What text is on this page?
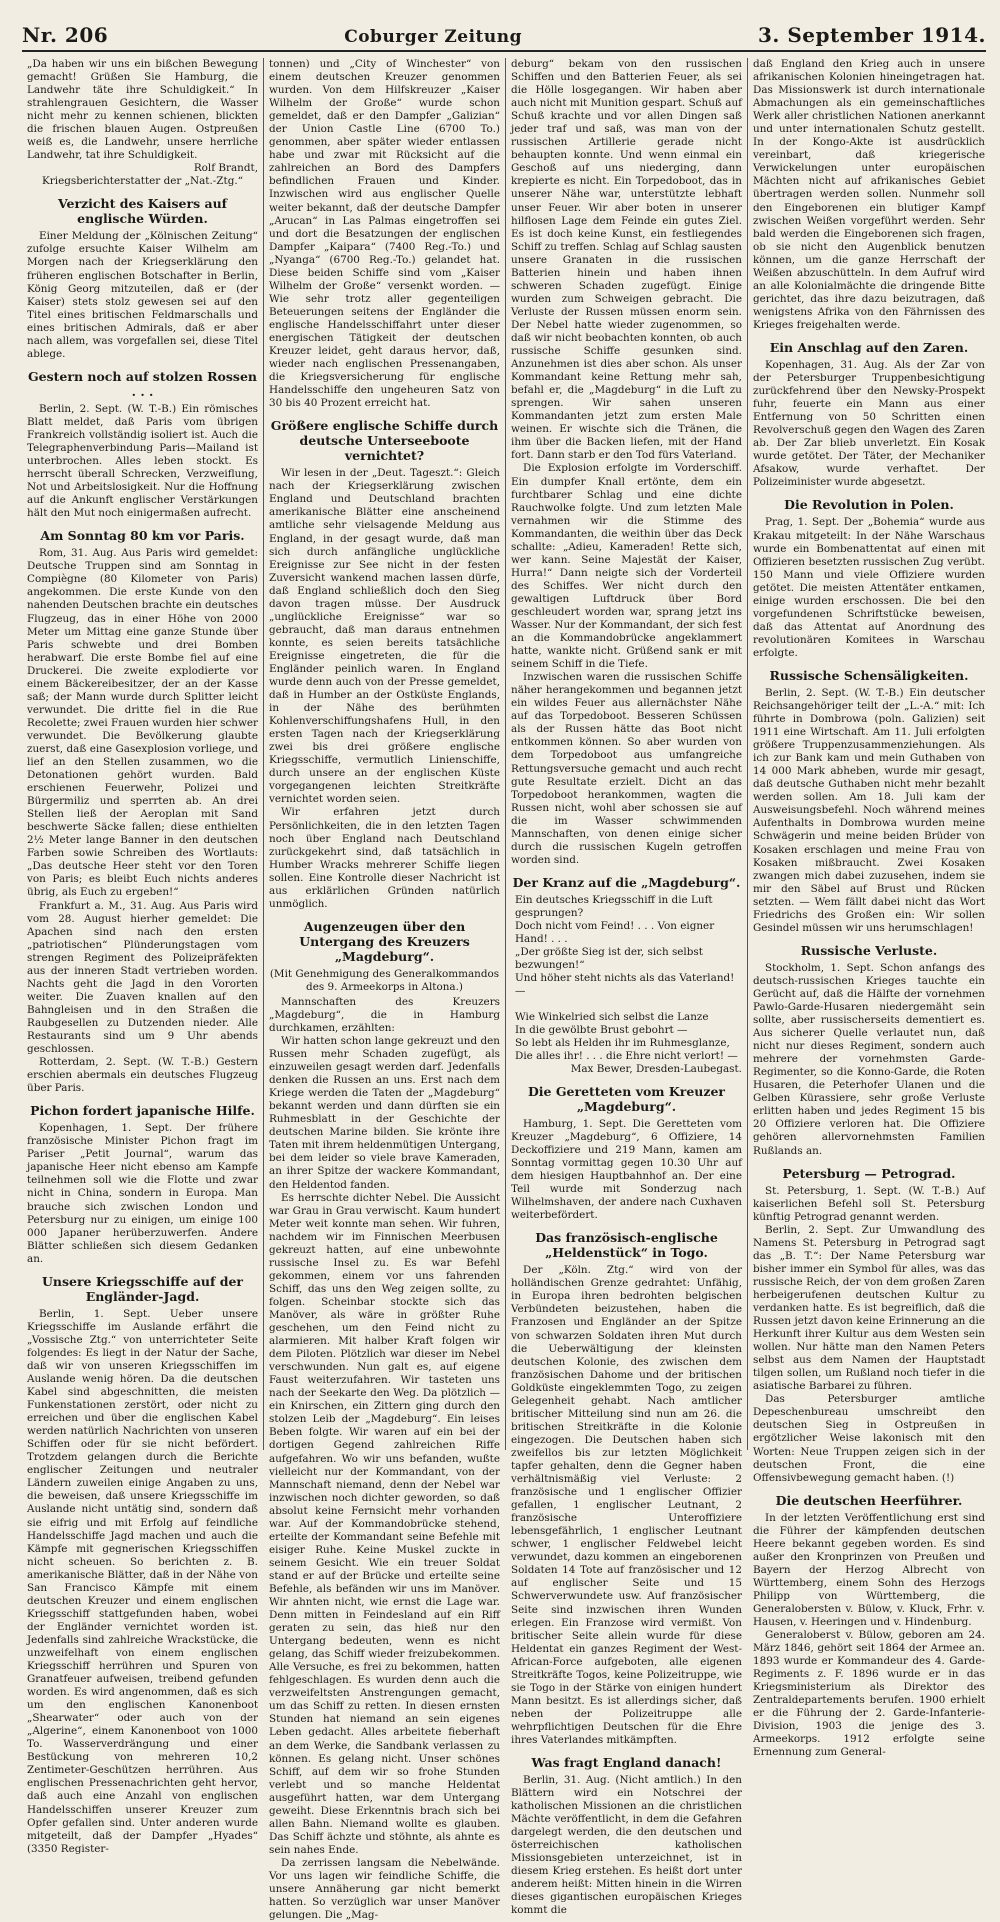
Nr. 206	Coburger Zeitung	3. September 1914.

„Da haben wir uns ein bißchen Bewegung gemacht! Grüßen Sie Hamburg, die Landwehr täte ihre Schuldigkeit.“ In strahlengrauen Gesichtern, die Wasser nicht mehr zu kennen schienen, blickten die frischen blauen Augen. Ostpreußen weiß es, die Landwehr, unsere herrliche Landwehr, tat ihre Schuldigkeit.

Rolf Brandt,
Kriegsberichterstatter der „Nat.-Ztg.“
Verzicht des Kaisers auf englische Würden.

Einer Meldung der „Kölnischen Zeitung“ zufolge ersuchte Kaiser Wilhelm am Morgen nach der Kriegserklärung den früheren englischen Botschafter in Berlin, König Georg mitzuteilen, daß er (der Kaiser) stets stolz gewesen sei auf den Titel eines britischen Feldmarschalls und eines britischen Admirals, daß er aber nach allem, was vorgefallen sei, diese Titel ablege.

Gestern noch auf stolzen Rossen . . .

Berlin, 2. Sept. (W. T.-B.) Ein römisches Blatt meldet, daß Paris vom übrigen Frankreich vollständig isoliert ist. Auch die Telegraphenverbindung Paris—Mailand ist unterbrochen. Alles leben stockt. Es herrscht überall Schrecken, Verzweiflung, Not und Arbeitslosigkeit. Nur die Hoffnung auf die Ankunft englischer Verstärkungen hält den Mut noch einigermaßen aufrecht.

Am Sonntag 80 km vor Paris.

Rom, 31. Aug. Aus Paris wird gemeldet: Deutsche Truppen sind am Sonntag in Compiègne (80 Kilometer von Paris) angekommen. Die erste Kunde von den nahenden Deutschen brachte ein deutsches Flugzeug, das in einer Höhe von 2000 Meter um Mittag eine ganze Stunde über Paris schwebte und drei Bomben herabwarf. Die erste Bombe fiel auf eine Druckerei. Die zweite explodierte vor einem Bäckereibesitzer, der an der Kasse saß; der Mann wurde durch Splitter leicht verwundet. Die dritte fiel in die Rue Recolette; zwei Frauen wurden hier schwer verwundet. Die Bevölkerung glaubte zuerst, daß eine Gasexplosion vorliege, und lief an den Stellen zusammen, wo die Detonationen gehört wurden. Bald erschienen Feuerwehr, Polizei und Bürgermiliz und sperrten ab. An drei Stellen ließ der Aeroplan mit Sand beschwerte Säcke fallen; diese enthielten 2½ Meter lange Banner in den deutschen Farben sowie Schreiben des Wortlauts: „Das deutsche Heer steht vor den Toren von Paris; es bleibt Euch nichts anderes übrig, als Euch zu ergeben!“

Frankfurt a. M., 31. Aug. Aus Paris wird vom 28. August hierher gemeldet: Die Apachen sind nach den ersten „patriotischen“ Plünderungstagen vom strengen Regiment des Polizeipräfekten aus der inneren Stadt vertrieben worden. Nachts geht die Jagd in den Vororten weiter. Die Zuaven knallen auf den Bahngleisen und in den Straßen die Raubgesellen zu Dutzenden nieder. Alle Restaurants sind um 9 Uhr abends geschlossen.

Rotterdam, 2. Sept. (W. T.-B.) Gestern erschien abermals ein deutsches Flugzeug über Paris.

Pichon fordert japanische Hilfe.

Kopenhagen, 1. Sept. Der frühere französische Minister Pichon fragt im Pariser „Petit Journal“, warum das japanische Heer nicht ebenso am Kampfe teilnehmen soll wie die Flotte und zwar nicht in China, sondern in Europa. Man brauche sich zwischen London und Petersburg nur zu einigen, um einige 100 000 Japaner herüberzuwerfen. Andere Blätter schließen sich diesem Gedanken an.

Unsere Kriegsschiffe auf der Engländer-Jagd.

Berlin, 1. Sept. Ueber unsere Kriegsschiffe im Auslande erfährt die „Vossische Ztg.“ von unterrichteter Seite folgendes: Es liegt in der Natur der Sache, daß wir von unseren Kriegsschiffen im Auslande wenig hören. Da die deutschen Kabel sind abgeschnitten, die meisten Funkenstationen zerstört, oder nicht zu erreichen und über die englischen Kabel werden natürlich Nachrichten von unseren Schiffen oder für sie nicht befördert. Trotzdem gelangen durch die Berichte englischer Zeitungen und neutraler Ländern zuweilen einige Angaben zu uns, die beweisen, daß unsere Kriegsschiffe im Auslande nicht untätig sind, sondern daß sie eifrig und mit Erfolg auf feindliche Handelsschiffe Jagd machen und auch die Kämpfe mit gegnerischen Kriegsschiffen nicht scheuen. So berichten z. B. amerikanische Blätter, daß in der Nähe von San Francisco Kämpfe mit einem deutschen Kreuzer und einem englischen Kriegsschiff stattgefunden haben, wobei der Engländer vernichtet worden ist. Jedenfalls sind zahlreiche Wrackstücke, die unzweifelhaft von einem englischen Kriegsschiff herrühren und Spuren von Granatfeuer aufweisen, treibend gefunden worden. Es wird angenommen, daß es sich um den englischen Kanonenboot „Shearwater“ oder auch von der „Algerine“, einem Kanonenboot von 1000 To. Wasserverdrängung und einer Bestückung von mehreren 10,2 Zentimeter-Geschützen herrühren. Aus englischen Pressenachrichten geht hervor, daß auch eine Anzahl von englischen Handelsschiffen unserer Kreuzer zum Opfer gefallen sind. Unter anderen wurde mitgeteilt, daß der Dampfer „Hyades“ (3350 Register-

tonnen) und „City of Winchester“ von einem deutschen Kreuzer genommen wurden. Von dem Hilfskreuzer „Kaiser Wilhelm der Große“ wurde schon gemeldet, daß er den Dampfer „Galizian“ der Union Castle Line (6700 To.) genommen, aber später wieder entlassen habe und zwar mit Rücksicht auf die zahlreichen an Bord des Dampfers befindlichen Frauen und Kinder. Inzwischen wird aus englischer Quelle weiter bekannt, daß der deutsche Dampfer „Arucan“ in Las Palmas eingetroffen sei und dort die Besatzungen der englischen Dampfer „Kaipara“ (7400 Reg.-To.) und „Nyanga“ (6700 Reg.-To.) gelandet hat. Diese beiden Schiffe sind vom „Kaiser Wilhelm der Große“ versenkt worden. — Wie sehr trotz aller gegenteiligen Beteuerungen seitens der Engländer die englische Handelsschiffahrt unter dieser energischen Tätigkeit der deutschen Kreuzer leidet, geht daraus hervor, daß, wieder nach englischen Pressenangaben, die Kriegsversicherung für englische Handelsschiffe den ungeheuren Satz von 30 bis 40 Prozent erreicht hat.

Größere englische Schiffe durch deutsche Unterseeboote vernichtet?

Wir lesen in der „Deut. Tageszt.“: Gleich nach der Kriegserklärung zwischen England und Deutschland brachten amerikanische Blätter eine anscheinend amtliche sehr vielsagende Meldung aus England, in der gesagt wurde, daß man sich durch anfängliche unglückliche Ereignisse zur See nicht in der festen Zuversicht wankend machen lassen dürfe, daß England schließlich doch den Sieg davon tragen müsse. Der Ausdruck „unglückliche Ereignisse“ war so gebraucht, daß man daraus entnehmen konnte, es seien bereits tatsächliche Ereignisse eingetreten, die für die Engländer peinlich waren. In England wurde denn auch von der Presse gemeldet, daß in Humber an der Ostküste Englands, in der Nähe des berühmten Kohlenverschiffungshafens Hull, in den ersten Tagen nach der Kriegserklärung zwei bis drei größere englische Kriegsschiffe, vermutlich Linienschiffe, durch unsere an der englischen Küste vorgegangenen leichten Streitkräfte vernichtet worden seien.

Wir erfahren jetzt durch Persönlichkeiten, die in den letzten Tagen noch über England nach Deutschland zurückgekehrt sind, daß tatsächlich in Humber Wracks mehrerer Schiffe liegen sollen. Eine Kontrolle dieser Nachricht ist aus erklärlichen Gründen natürlich unmöglich.

Augenzeugen über den Untergang des Kreuzers „Magdeburg“.
(Mit Genehmigung des Generalkommandos des 9. Armeekorps in Altona.)

Mannschaften des Kreuzers „Magdeburg“, die in Hamburg durchkamen, erzählten:

Wir hatten schon lange gekreuzt und den Russen mehr Schaden zugefügt, als einzuweilen gesagt werden darf. Jedenfalls denken die Russen an uns. Erst nach dem Kriege werden die Taten der „Magdeburg“ bekannt werden und dann dürften sie ein Ruhmesblatt in der Geschichte der deutschen Marine bilden. Sie krönte ihre Taten mit ihrem heldenmütigen Untergang, bei dem leider so viele brave Kameraden, an ihrer Spitze der wackere Kommandant, den Heldentod fanden.

Es herrschte dichter Nebel. Die Aussicht war Grau in Grau verwischt. Kaum hundert Meter weit konnte man sehen. Wir fuhren, nachdem wir im Finnischen Meerbusen gekreuzt hatten, auf eine unbewohnte russische Insel zu. Es war Befehl gekommen, einem vor uns fahrenden Schiff, das uns den Weg zeigen sollte, zu folgen. Scheinbar stockte sich das Manöver, als wäre in größter Ruhe geschehen, um den Feind nicht zu alarmieren. Mit halber Kraft folgen wir dem Piloten. Plötzlich war dieser im Nebel verschwunden. Nun galt es, auf eigene Faust weiterzufahren. Wir tasteten uns nach der Seekarte den Weg. Da plötzlich — ein Knirschen, ein Zittern ging durch den stolzen Leib der „Magdeburg“. Ein leises Beben folgte. Wir waren auf ein bei der dortigen Gegend zahlreichen Riffe aufgefahren. Wo wir uns befanden, wußte vielleicht nur der Kommandant, von der Mannschaft niemand, denn der Nebel war inzwischen noch dichter geworden, so daß absolut keine Fernsicht mehr vorhanden war. Auf der Kommandobrücke stehend, erteilte der Kommandant seine Befehle mit eisiger Ruhe. Keine Muskel zuckte in seinem Gesicht. Wie ein treuer Soldat stand er auf der Brücke und erteilte seine Befehle, als befänden wir uns im Manöver. Wir ahnten nicht, wie ernst die Lage war. Denn mitten in Feindesland auf ein Riff geraten zu sein, das hieß nur den Untergang bedeuten, wenn es nicht gelang, das Schiff wieder freizubekommen. Alle Versuche, es frei zu bekommen, hatten fehlgeschlagen. Es wurden denn auch die verzweifeltsten Anstrengungen gemacht, um das Schiff zu retten. In diesen ernsten Stunden hat niemand an sein eigenes Leben gedacht. Alles arbeitete fieberhaft an dem Werke, die Sandbank verlassen zu können. Es gelang nicht. Unser schönes Schiff, auf dem wir so frohe Stunden verlebt und so manche Heldentat ausgeführt hatten, war dem Untergang geweiht. Diese Erkenntnis brach sich bei allen Bahn. Niemand wollte es glauben. Das Schiff ächzte und stöhnte, als ahnte es sein nahes Ende.

Da zerrissen langsam die Nebelwände. Vor uns lagen wir feindliche Schiffe, die unsere Annäherung gar nicht bemerkt hatten. So verzüglich war unser Manöver gelungen. Die „Mag-

deburg“ bekam von den russischen Schiffen und den Batterien Feuer, als sei die Hölle losgegangen. Wir haben aber auch nicht mit Munition gespart. Schuß auf Schuß krachte und vor allen Dingen saß jeder traf und saß, was man von der russischen Artillerie gerade nicht behaupten konnte. Und wenn einmal ein Geschoß auf uns niederging, dann krepierte es nicht. Ein Torpedoboot, das in unserer Nähe war, unterstützte lebhaft unser Feuer. Wir aber boten in unserer hilflosen Lage dem Feinde ein gutes Ziel. Es ist doch keine Kunst, ein festliegendes Schiff zu treffen. Schlag auf Schlag sausten unsere Granaten in die russischen Batterien hinein und haben ihnen schweren Schaden zugefügt. Einige wurden zum Schweigen gebracht. Die Verluste der Russen müssen enorm sein. Der Nebel hatte wieder zugenommen, so daß wir nicht beobachten konnten, ob auch russische Schiffe gesunken sind. Anzunehmen ist dies aber schon. Als unser Kommandant keine Rettung mehr sah, befahl er, die „Magdeburg“ in die Luft zu sprengen. Wir sahen unseren Kommandanten jetzt zum ersten Male weinen. Er wischte sich die Tränen, die ihm über die Backen liefen, mit der Hand fort. Dann starb er den Tod fürs Vaterland.

Die Explosion erfolgte im Vorderschiff. Ein dumpfer Knall ertönte, dem ein furchtbarer Schlag und eine dichte Rauchwolke folgte. Und zum letzten Male vernahmen wir die Stimme des Kommandanten, die weithin über das Deck schallte: „Adieu, Kameraden! Rette sich, wer kann. Seine Majestät der Kaiser, Hurra!“ Dann neigte sich der Vorderteil des Schiffes. Wer nicht durch den gewaltigen Luftdruck über Bord geschleudert worden war, sprang jetzt ins Wasser. Nur der Kommandant, der sich fest an die Kommandobrücke angeklammert hatte, wankte nicht. Grüßend sank er mit seinem Schiff in die Tiefe.

Inzwischen waren die russischen Schiffe näher herangekommen und begannen jetzt ein wildes Feuer aus allernächster Nähe auf das Torpedoboot. Besseren Schüssen als der Russen hätte das Boot nicht entkommen können. So aber wurden von dem Torpedoboot aus umfangreiche Rettungsversuche gemacht und auch recht gute Resultate erzielt. Dicht an das Torpedoboot herankommen, wagten die Russen nicht, wohl aber schossen sie auf die im Wasser schwimmenden Mannschaften, von denen einige sicher durch die russischen Kugeln getroffen worden sind.

Der Kranz auf die „Magdeburg“.
Ein deutsches Kriegsschiff in die Luft gesprungen?
Doch nicht vom Feind! . . . Von eigner Hand! . . .
„Der größte Sieg ist der, sich selbst bezwungen!“
Und höher steht nichts als das Vaterland! —

Wie Winkelried sich selbst die Lanze
In die gewölbte Brust gebohrt —
So lebt als Helden ihr im Ruhmesglanze,
Die alles ihr! . . . die Ehre nicht verlort! —
Max Bewer, Dresden-Laubegast.
Die Geretteten vom Kreuzer „Magdeburg“.

Hamburg, 1. Sept. Die Geretteten vom Kreuzer „Magdeburg“, 6 Offiziere, 14 Deckoffiziere und 219 Mann, kamen am Sonntag vormittag gegen 10.30 Uhr auf dem hiesigen Hauptbahnhof an. Der eine Teil wurde mit Sonderzug nach Wilhelmshaven, der andere nach Cuxhaven weiterbefördert.

Das französisch-englische „Heldenstück“ in Togo.

Der „Köln. Ztg.“ wird von der holländischen Grenze gedrahtet: Unfähig, in Europa ihren bedrohten belgischen Verbündeten beizustehen, haben die Franzosen und Engländer an der Spitze von schwarzen Soldaten ihren Mut durch die Ueberwältigung der kleinsten deutschen Kolonie, des zwischen dem französischen Dahome und der britischen Goldküste eingeklemmten Togo, zu zeigen Gelegenheit gehabt. Nach amtlicher britischer Mitteilung sind nun am 26. die britischen Streitkräfte in die Kolonie eingezogen. Die Deutschen haben sich zweifellos bis zur letzten Möglichkeit tapfer gehalten, denn die Gegner haben verhältnismäßig viel Verluste: 2 französische und 1 englischer Offizier gefallen, 1 englischer Leutnant, 2 französische Unteroffiziere lebensgefährlich, 1 englischer Leutnant schwer, 1 englischer Feldwebel leicht verwundet, dazu kommen an eingeborenen Soldaten 14 Tote auf französischer und 12 auf englischer Seite und 15 Schwerverwundete usw. Auf französischer Seite sind inzwischen ihren Wunden erlegen. Ein Franzose wird vermißt. Von britischer Seite allein wurde für diese Heldentat ein ganzes Regiment der West-African-Force aufgeboten, alle eigenen Streitkräfte Togos, keine Polizeitruppe, wie sie Togo in der Stärke von einigen hundert Mann besitzt. Es ist allerdings sicher, daß neben der Polizeitruppe alle wehrpflichtigen Deutschen für die Ehre ihres Vaterlandes mitkämpften.

Was fragt England danach!

Berlin, 31. Aug. (Nicht amtlich.) In den Blättern wird ein Notschrei der katholischen Missionen an die christlichen Mächte veröffentlicht, in dem die Gefahren dargelegt werden, die den deutschen und österreichischen katholischen Missionsgebieten unterzeichnet, ist in diesem Krieg erstehen. Es heißt dort unter anderem heißt: Mitten hinein in die Wirren dieses gigantischen europäischen Krieges kommt die

daß England den Krieg auch in unsere afrikanischen Kolonien hineingetragen hat. Das Missionswerk ist durch internationale Abmachungen als ein gemeinschaftliches Werk aller christlichen Nationen anerkannt und unter internationalen Schutz gestellt. In der Kongo-Akte ist ausdrücklich vereinbart, daß kriegerische Verwickelungen unter europäischen Mächten nicht auf afrikanisches Gebiet übertragen werden sollen. Nunmehr soll den Eingeborenen ein blutiger Kampf zwischen Weißen vorgeführt werden. Sehr bald werden die Eingeborenen sich fragen, ob sie nicht den Augenblick benutzen können, um die ganze Herrschaft der Weißen abzuschütteln. In dem Aufruf wird an alle Kolonialmächte die dringende Bitte gerichtet, das ihre dazu beizutragen, daß wenigstens Afrika von den Fährnissen des Krieges freigehalten werde.

Ein Anschlag auf den Zaren.

Kopenhagen, 31. Aug. Als der Zar von der Petersburger Truppenbesichtigung zurückfehrend über den Newsky-Prospekt fuhr, feuerte ein Mann aus einer Entfernung von 50 Schritten einen Revolverschuß gegen den Wagen des Zaren ab. Der Zar blieb unverletzt. Ein Kosak wurde getötet. Der Täter, der Mechaniker Afsakow, wurde verhaftet. Der Polizeiminister wurde abgesetzt.

Die Revolution in Polen.

Prag, 1. Sept. Der „Bohemia“ wurde aus Krakau mitgeteilt: In der Nähe Warschaus wurde ein Bombenattentat auf einen mit Offizieren besetzten russischen Zug verübt. 150 Mann und viele Offiziere wurden getötet. Die meisten Attentäter entkamen, einige wurden erschossen. Die bei den vorgefundenen Schriftstücke beweisen, daß das Attentat auf Anordnung des revolutionären Komitees in Warschau erfolgte.

Russische Schensäligkeiten.

Berlin, 2. Sept. (W. T.-B.) Ein deutscher Reichsangehöriger teilt der „L.-A.“ mit: Ich führte in Dombrowa (poln. Galizien) seit 1911 eine Wirtschaft. Am 11. Juli erfolgten größere Truppenzusammenziehungen. Als ich zur Bank kam und mein Guthaben von 14 000 Mark abheben, wurde mir gesagt, daß deutsche Guthaben nicht mehr bezahlt werden sollen. Am 18. Juli kam der Ausweisungsbefehl. Noch während meines Aufenthalts in Dombrowa wurden meine Schwägerin und meine beiden Brüder von Kosaken erschlagen und meine Frau von Kosaken mißbraucht. Zwei Kosaken zwangen mich dabei zuzusehen, indem sie mir den Säbel auf Brust und Rücken setzten. — Wem fällt dabei nicht das Wort Friedrichs des Großen ein: Wir sollen Gesindel müssen wir uns herumschlagen!

Russische Verluste.

Stockholm, 1. Sept. Schon anfangs des deutsch-russischen Krieges tauchte ein Gerücht auf, daß die Hälfte der vornehmen Pawlo-Garde-Husaren niedergemäht sein sollte, aber russischerseits dementiert es. Aus sicherer Quelle verlautet nun, daß nicht nur dieses Regiment, sondern auch mehrere der vornehmsten Garde-Regimenter, so die Konno-Garde, die Roten Husaren, die Peterhofer Ulanen und die Gelben Kürassiere, sehr große Verluste erlitten haben und jedes Regiment 15 bis 20 Offiziere verloren hat. Die Offiziere gehören allervornehmsten Familien Rußlands an.

Petersburg — Petrograd.

St. Petersburg, 1. Sept. (W. T.-B.) Auf kaiserlichen Befehl soll St. Petersburg künftig Petrograd genannt werden.

Berlin, 2. Sept. Zur Umwandlung des Namens St. Petersburg in Petrograd sagt das „B. T.“: Der Name Petersburg war bisher immer ein Symbol für alles, was das russische Reich, der von dem großen Zaren herbeigerufenen deutschen Kultur zu verdanken hatte. Es ist begreiflich, daß die Russen jetzt davon keine Erinnerung an die Herkunft ihrer Kultur aus dem Westen sein wollen. Nur hätte man den Namen Peters selbst aus dem Namen der Hauptstadt tilgen sollen, um Rußland noch tiefer in die asiatische Barbarei zu führen.

Das Petersburger amtliche Depeschenbureau umschreibt den deutschen Sieg in Ostpreußen in ergötzlicher Weise lakonisch mit den Worten: Neue Truppen zeigen sich in der deutschen Front, die eine Offensivbewegung gemacht haben. (!)

Die deutschen Heerführer.

In der letzten Veröffentlichung erst sind die Führer der kämpfenden deutschen Heere bekannt gegeben worden. Es sind außer den Kronprinzen von Preußen und Bayern der Herzog Albrecht von Württemberg, einem Sohn des Herzogs Philipp von Württemberg, die Generalobersten v. Bülow, v. Kluck, Frhr. v. Hausen, v. Heeringen und v. Hindenburg.

Generaloberst v. Bülow, geboren am 24. März 1846, gehört seit 1864 der Armee an. 1893 wurde er Kommandeur des 4. Garde-Regiments z. F. 1896 wurde er in das Kriegsministerium als Direktor des Zentraldepartements berufen. 1900 erhielt er die Führung der 2. Garde-Infanterie-Division, 1903 die jenige des 3. Armeekorps. 1912 erfolgte seine Ernennung zum General-
